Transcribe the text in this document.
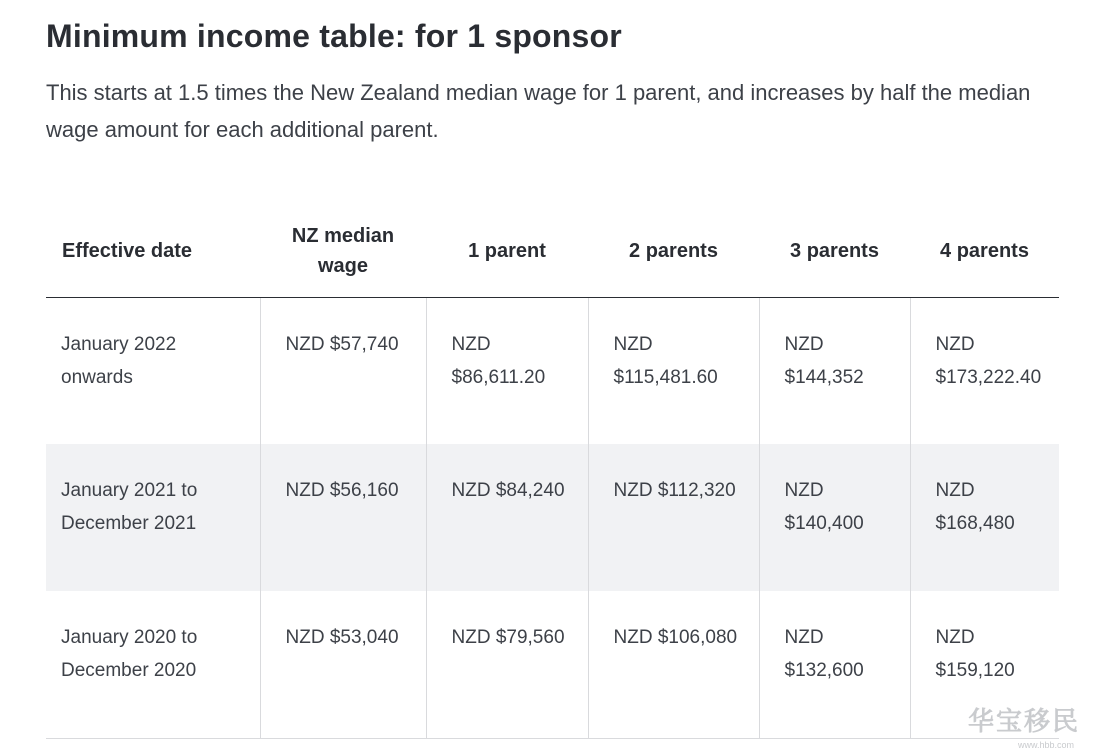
Minimum income table: for 1 sponsor

This starts at 1.5 times the New Zealand median wage for 1 parent, and increases by half the median wage amount for each additional parent.

Effective date	NZ median wage	1 parent	2 parents	3 parents	4 parents
January 2022 onwards	NZD $57,740	NZD $86,611.20	NZD $115,481.60	NZD $144,352	NZD $173,222.40
January 2021 to December 2021	NZD $56,160	NZD $84,240	NZD $112,320	NZD $140,400	NZD $168,480
January 2020 to December 2020	NZD $53,040	NZD $79,560	NZD $106,080	NZD $132,600	NZD $159,120
华宝移民
www.hbb.com
